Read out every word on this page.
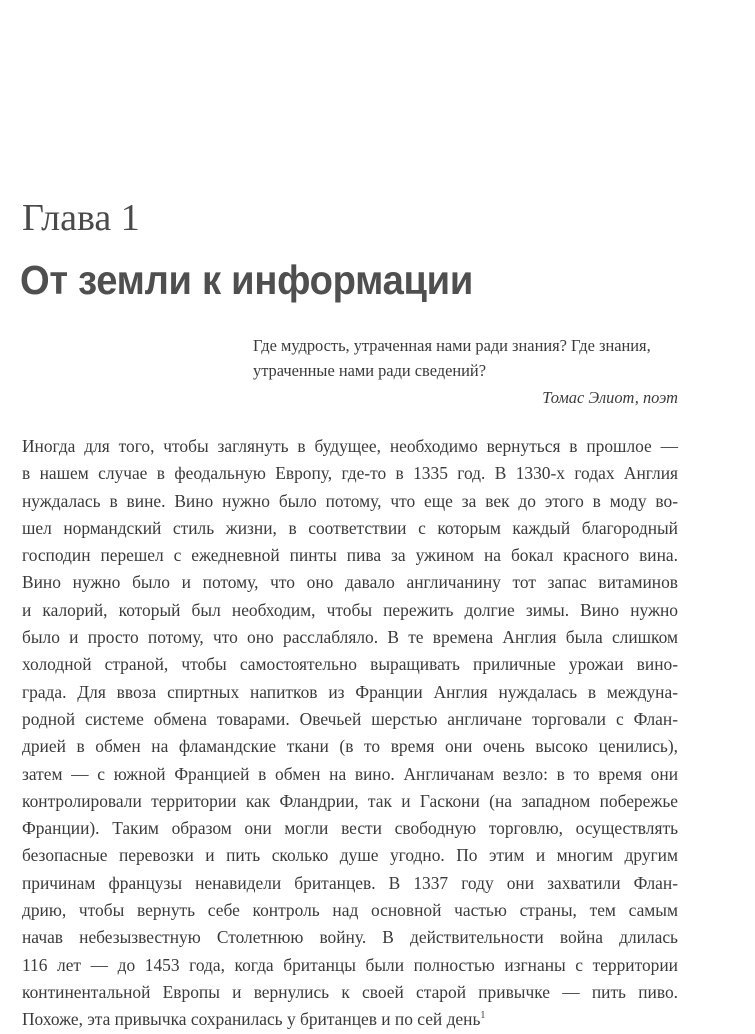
Глава 1
От земли к информации
Где мудрость, утраченная нами ради знания? Где знания,
утраченные нами ради сведений?
Томас Элиот, поэт
Иногда для того, чтобы заглянуть в будущее, необходимо вернуться в прошлое —
в нашем случае в феодальную Европу, где-то в 1335 год. В 1330-х годах Англия
нуждалась в вине. Вино нужно было потому, что еще за век до этого в моду во-
шел нормандский стиль жизни, в соответствии с которым каждый благородный
господин перешел с ежедневной пинты пива за ужином на бокал красного вина.
Вино нужно было и потому, что оно давало англичанину тот запас витаминов
и калорий, который был необходим, чтобы пережить долгие зимы. Вино нужно
было и просто потому, что оно расслабляло. В те времена Англия была слишком
холодной страной, чтобы самостоятельно выращивать приличные урожаи вино-
града. Для ввоза спиртных напитков из Франции Англия нуждалась в междуна-
родной системе обмена товарами. Овечьей шерстью англичане торговали с Флан-
дрией в обмен на фламандские ткани (в то время они очень высоко ценились),
затем — с южной Францией в обмен на вино. Англичанам везло: в то время они
контролировали территории как Фландрии, так и Гаскони (на западном побережье
Франции). Таким образом они могли вести свободную торговлю, осуществлять
безопасные перевозки и пить сколько душе угодно. По этим и многим другим
причинам французы ненавидели британцев. В 1337 году они захватили Флан-
дрию, чтобы вернуть себе контроль над основной частью страны, тем самым
начав небезызвестную Столетнюю войну. В действительности война длилась
116 лет — до 1453 года, когда британцы были полностью изгнаны с территории
континентальной Европы и вернулись к своей старой привычке — пить пиво.
Похоже, эта привычка сохранилась у британцев и по сей день$^1$
